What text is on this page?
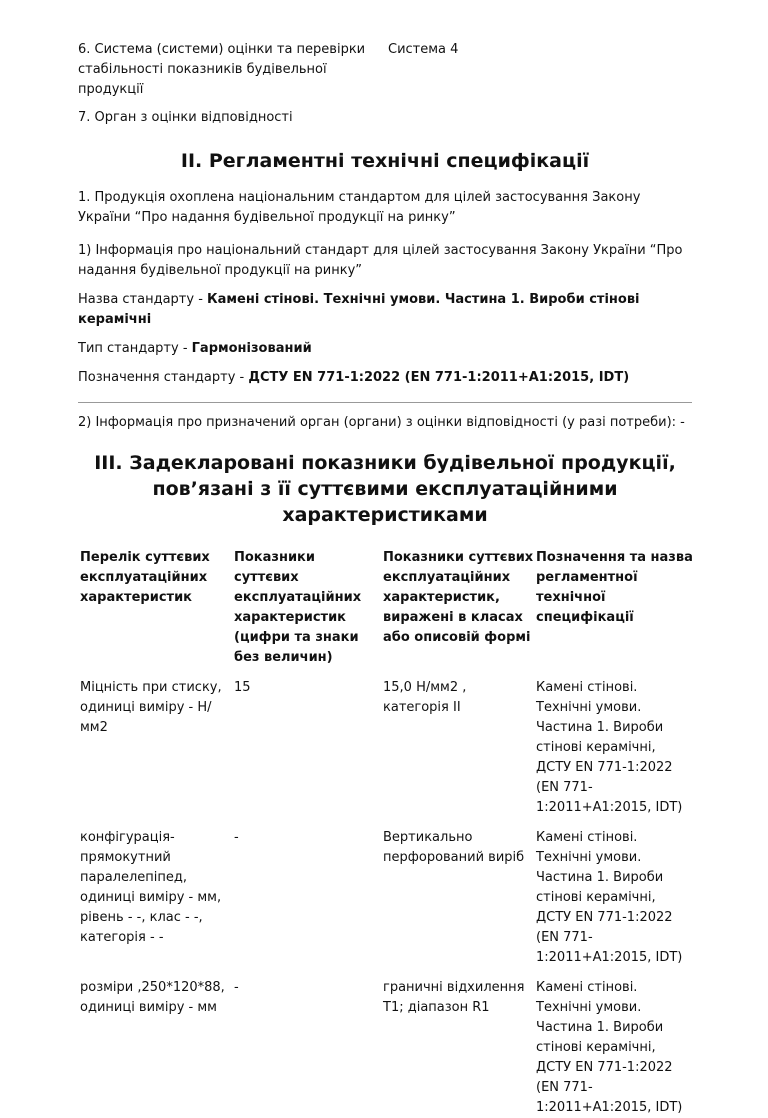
6. Система (системи) оцінки та перевірки стабільності показників будівельної продукції
Система 4

7. Орган з оцінки відповідності

II. Регламентні технічні специфікації

1. Продукція охоплена національним стандартом для цілей застосування Закону України “Про надання будівельної продукції на ринку”

1) Інформація про національний стандарт для цілей застосування Закону України “Про надання будівельної продукції на ринку”

Назва стандарту - Камені стінові. Технічні умови. Частина 1. Вироби стінові керамічні

Тип стандарту - Гармонізований

Позначення стандарту - ДСТУ EN 771-1:2022 (EN 771-1:2011+A1:2015, IDT)

2) Інформація про призначений орган (органи) з оцінки відповідності (у разі потреби): -

III. Задекларовані показники будівельної продукції,
пов’язані з її суттєвими експлуатаційними характеристиками
Перелік суттєвих експлуатаційних характеристик	Показники суттєвих експлуатаційних характеристик (цифри та знаки без величин)	Показники суттєвих експлуатаційних характеристик, виражені в класах або описовій формі	Позначення та назва регламентної технічної специфікації

Міцність при стиску, одиниці виміру - Н/мм2	15	15,0 Н/мм2 , категорія ІІ	Камені стінові. Технічні умови. Частина 1. Вироби стінові керамічні, ДСТУ EN 771-1:2022 (EN 771-1:2011+A1:2015, IDT)

конфігурація-прямокутний паралелепіпед, одиниці виміру - мм, рівень - -, клас - -, категорія - -	-	Вертикально перфорований виріб	Камені стінові. Технічні умови. Частина 1. Вироби стінові керамічні, ДСТУ EN 771-1:2022 (EN 771-1:2011+A1:2015, IDT)

розміри ,250*120*88, одиниці виміру - мм	-	граничні відхилення Т1; діапазон R1	Камені стінові. Технічні умови. Частина 1. Вироби стінові керамічні, ДСТУ EN 771-1:2022 (EN 771-1:2011+A1:2015, IDT)
